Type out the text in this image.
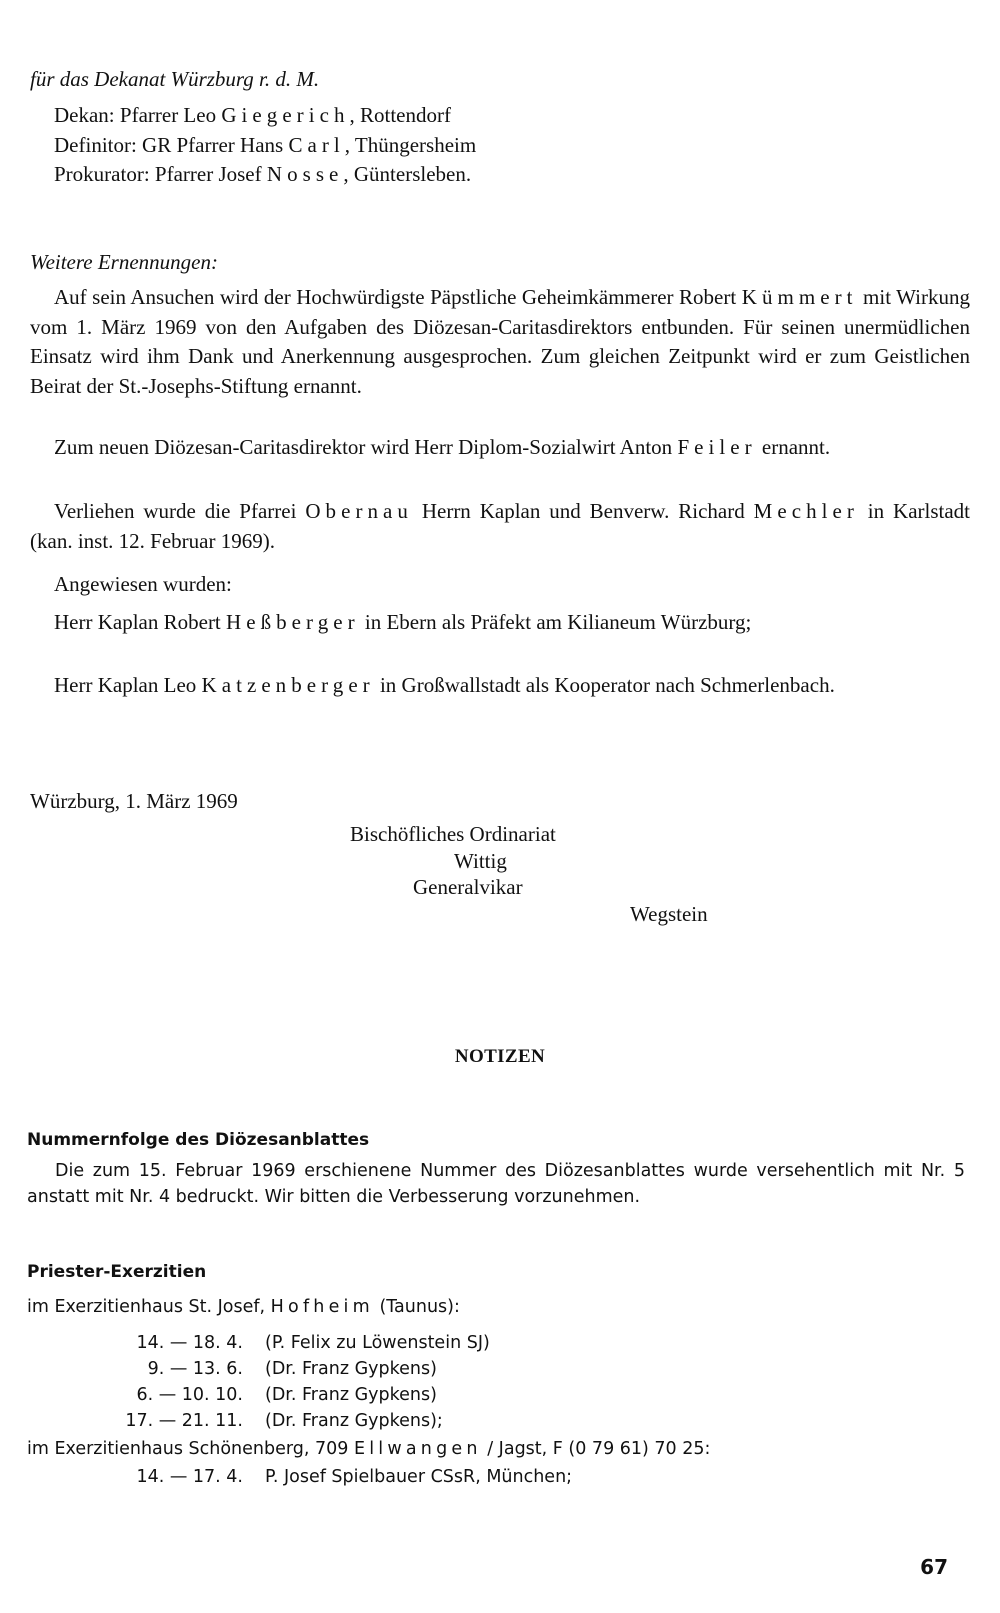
für das Dekanat Würzburg r. d. M.
Dekan: Pfarrer Leo Giegerich, Rottendorf
Definitor: GR Pfarrer Hans Carl, Thüngersheim
Prokurator: Pfarrer Josef Nosse, Güntersleben.
Weitere Ernennungen:
Auf sein Ansuchen wird der Hochwürdigste Päpstliche Geheimkämmerer Robert Kümmert mit Wirkung vom 1. März 1969 von den Aufgaben des Diözesan-Caritasdirektors entbunden. Für seinen unermüdlichen Einsatz wird ihm Dank und Anerkennung ausgesprochen. Zum gleichen Zeitpunkt wird er zum Geistlichen Beirat der St.-Josephs-Stiftung ernannt.
Zum neuen Diözesan-Caritasdirektor wird Herr Diplom-Sozialwirt Anton Feiler ernannt.
Verliehen wurde die Pfarrei Obernau Herrn Kaplan und Benverw. Richard Mechler in Karlstadt (kan. inst. 12. Februar 1969).
Angewiesen wurden:
Herr Kaplan Robert Heßberger in Ebern als Präfekt am Kilianeum Würzburg;
Herr Kaplan Leo Katzenberger in Großwallstadt als Kooperator nach Schmerlenbach.
Würzburg, 1. März 1969
Bischöfliches Ordinariat
Wittig
Generalvikar
Wegstein
NOTIZEN
Nummernfolge des Diözesanblattes
Die zum 15. Februar 1969 erschienene Nummer des Diözesanblattes wurde versehentlich mit Nr. 5 anstatt mit Nr. 4 bedruckt. Wir bitten die Verbesserung vorzunehmen.
Priester-Exerzitien
im Exerzitienhaus St. Josef, Hofheim (Taunus):
14. — 18. 4. (P. Felix zu Löwenstein SJ)
9. — 13. 6. (Dr. Franz Gypkens)
6. — 10. 10. (Dr. Franz Gypkens)
17. — 21. 11. (Dr. Franz Gypkens);
im Exerzitienhaus Schönenberg, 709 Ellwangen / Jagst, F (0 79 61) 70 25:
14. — 17. 4. P. Josef Spielbauer CSsR, München;
67
